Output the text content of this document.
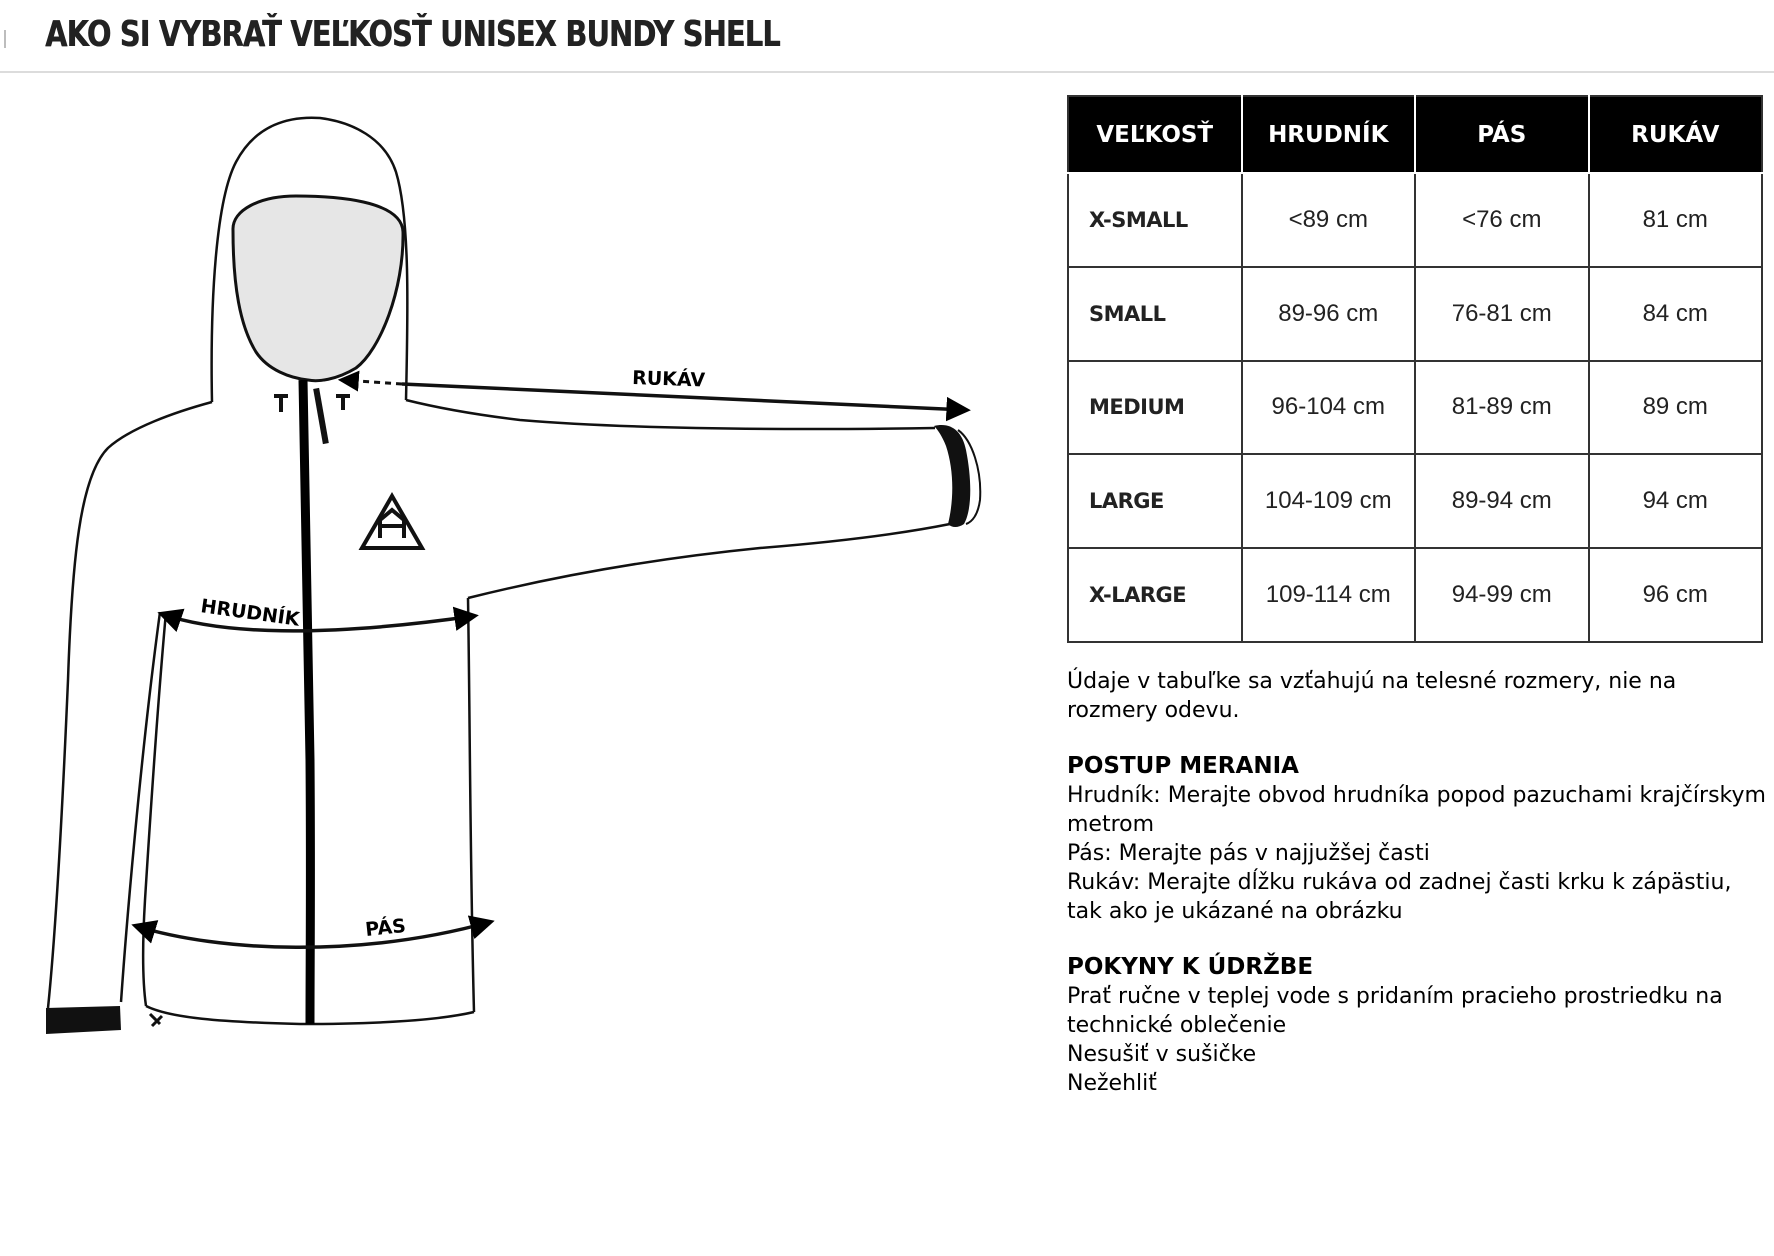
AKO SI VYBRAŤ VEĽKOSŤ UNISEX BUNDY SHELL
RUKÁV
HRUDNÍK
PÁS
VEĽKOSŤ	HRUDNÍK	PÁS	RUKÁV
X-SMALL	<89 cm	<76 cm	81 cm
SMALL	89-96 cm	76-81 cm	84 cm
MEDIUM	96-104 cm	81-89 cm	89 cm
LARGE	104-109 cm	89-94 cm	94 cm
X-LARGE	109-114 cm	94-99 cm	96 cm

Údaje v tabuľke sa vzťahujú na telesné rozmery, nie na rozmery odevu.

POSTUP MERANIA

Hrudník: Merajte obvod hrudníka popod pazuchami krajčírskym metrom

Pás: Merajte pás v najjužšej časti

Rukáv: Merajte dĺžku rukáva od zadnej časti krku k zápästiu, tak ako je ukázané na obrázku

POKYNY K ÚDRŽBE

Prať ručne v teplej vode s pridaním pracieho prostriedku na technické oblečenie

Nesušiť v sušičke

Nežehliť
